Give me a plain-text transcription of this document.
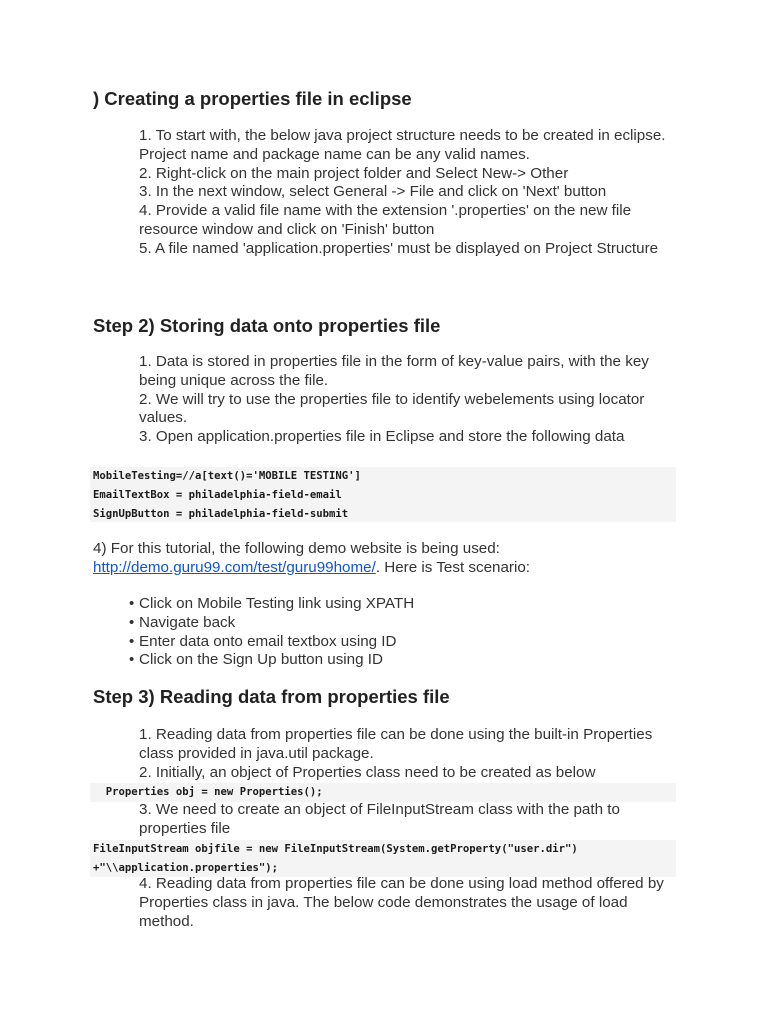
) Creating a properties file in eclipse
1. To start with, the below java project structure needs to be created in eclipse. Project name and package name can be any valid names.
2. Right-click on the main project folder and Select New-> Other
3. In the next window, select General -> File and click on 'Next' button
4. Provide a valid file name with the extension '.properties' on the new file resource window and click on 'Finish' button
5. A file named 'application.properties' must be displayed on Project Structure
Step 2) Storing data onto properties file
1. Data is stored in properties file in the form of key-value pairs, with the key being unique across the file.
2. We will try to use the properties file to identify webelements using locator values.
3. Open application.properties file in Eclipse and store the following data
MobileTesting=//a[text()='MOBILE TESTING']
EmailTextBox = philadelphia-field-email
SignUpButton = philadelphia-field-submit

4) For this tutorial, the following demo website is being used: http://demo.guru99.com/test/guru99home/. Here is Test scenario:

• Click on Mobile Testing link using XPATH
• Navigate back
• Enter data onto email textbox using ID
• Click on the Sign Up button using ID
Step 3) Reading data from properties file
1. Reading data from properties file can be done using the built-in Properties class provided in java.util package.
2. Initially, an object of Properties class need to be created as below
Properties obj = new Properties();
3. We need to create an object of FileInputStream class with the path to properties file
FileInputStream objfile = new FileInputStream(System.getProperty("user.dir")
+"\\application.properties");
4. Reading data from properties file can be done using load method offered by Properties class in java. The below code demonstrates the usage of load method.
